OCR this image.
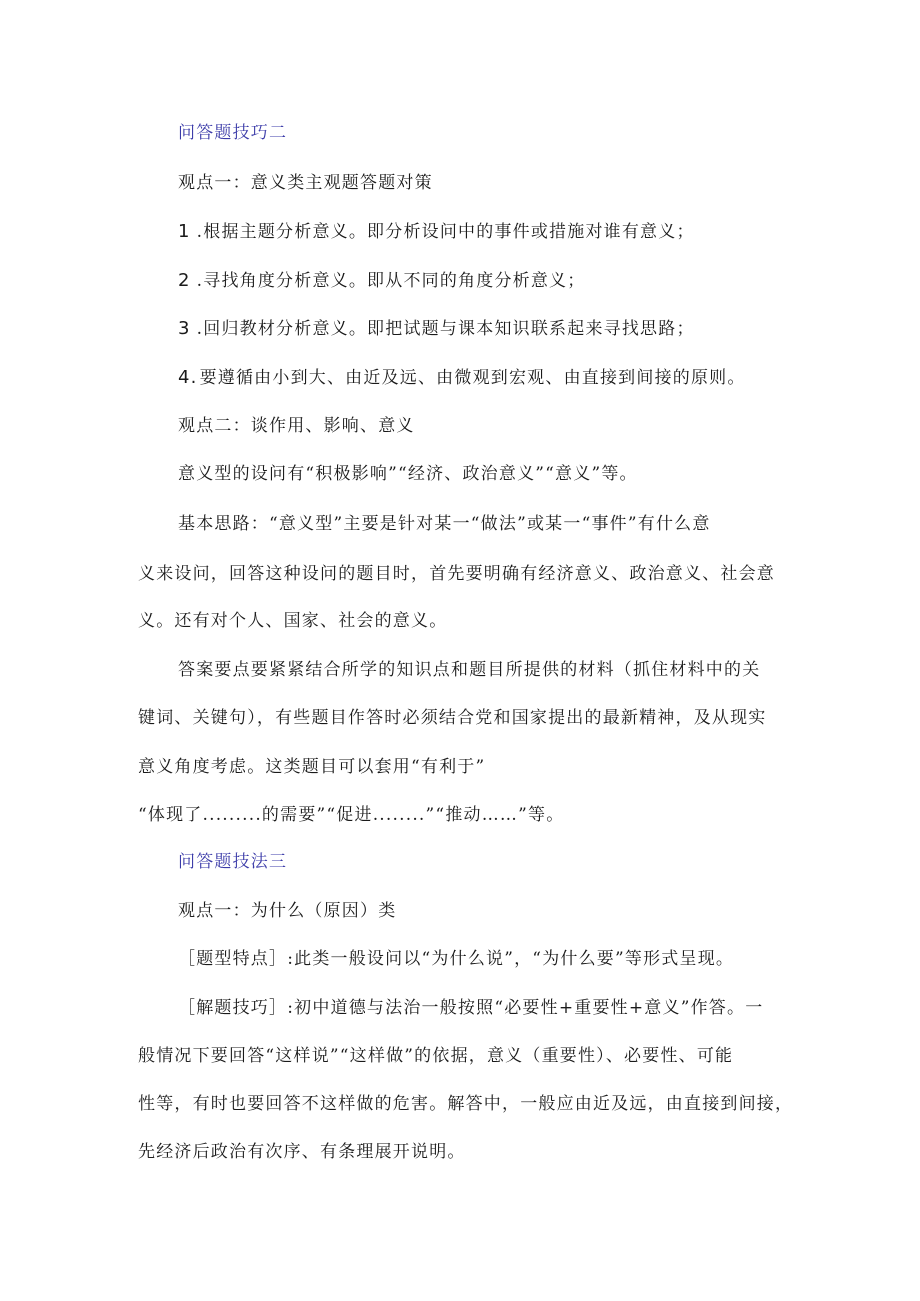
问答题技巧二
观点一：意义类主观题答题对策
1 .根据主题分析意义。即分析设问中的事件或措施对谁有意义；
2 .寻找角度分析意义。即从不同的角度分析意义；
3 .回归教材分析意义。即把试题与课本知识联系起来寻找思路；
4. 要遵循由小到大、由近及远、由微观到宏观、由直接到间接的原则。
观点二：谈作用、影响、意义
意义型的设问有“积极影响”“经济、政治意义”“意义”等。
基本思路：“意义型”主要是针对某一“做法”或某一“事件”有什么意
义来设问，回答这种设问的题目时，首先要明确有经济意义、政治意义、社会意
义。还有对个人、国家、社会的意义。
答案要点要紧紧结合所学的知识点和题目所提供的材料（抓住材料中的关
键词、关键句），有些题目作答时必须结合党和国家提出的最新精神，及从现实
意义角度考虑。这类题目可以套用“有利于”
“体现了.........的需要”“促进........”“推动……”等。
问答题技法三
观点一：为什么（原因）类
［题型特点］:此类一般设问以“为什么说”，“为什么要”等形式呈现。
［解题技巧］:初中道德与法治一般按照“必要性+重要性+意义”作答。一
般情况下要回答“这样说”“这样做”的依据，意义（重要性）、必要性、可能
性等，有时也要回答不这样做的危害。解答中，一般应由近及远，由直接到间接，
先经济后政治有次序、有条理展开说明。
